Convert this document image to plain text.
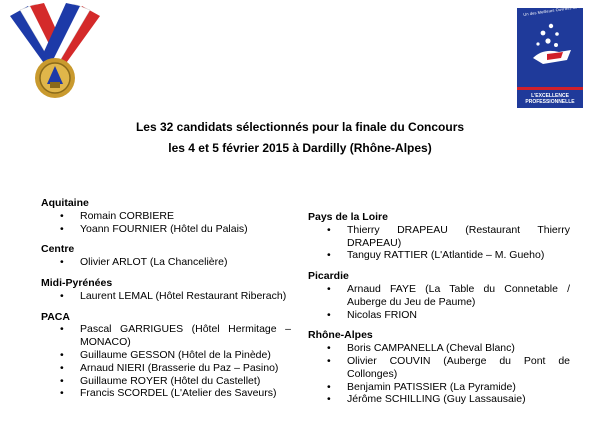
Un des Meilleurs Ouvriers de France
L'EXCELLENCE
PROFESSIONNELLE
Les 32 candidats sélectionnés pour la finale du Concours
les 4 et 5 février 2015 à Dardilly (Rhône-Alpes)
Aquitaine
• Romain CORBIERE
• Yoann FOURNIER (Hôtel du Palais)
Centre
• Olivier ARLOT (La Chancelière)
Midi-Pyrénées
• Laurent LEMAL (Hôtel Restaurant Riberach)
PACA
• Pascal GARRIGUES (Hôtel Hermitage – MONACO)
• Guillaume GESSON (Hôtel de la Pinède)
• Arnaud NIERI (Brasserie du Paz – Pasino)
• Guillaume ROYER (Hôtel du Castellet)
• Francis SCORDEL (L'Atelier des Saveurs)
Pays de la Loire
• Thierry DRAPEAU (Restaurant Thierry DRAPEAU)
• Tanguy RATTIER (L'Atlantide – M. Gueho)
Picardie
• Arnaud FAYE (La Table du Connetable / Auberge du Jeu de Paume)
• Nicolas FRION
Rhône-Alpes
• Boris CAMPANELLA (Cheval Blanc)
• Olivier COUVIN (Auberge du Pont de Collonges)
• Benjamin PATISSIER (La Pyramide)
• Jérôme SCHILLING (Guy Lassausaie)
